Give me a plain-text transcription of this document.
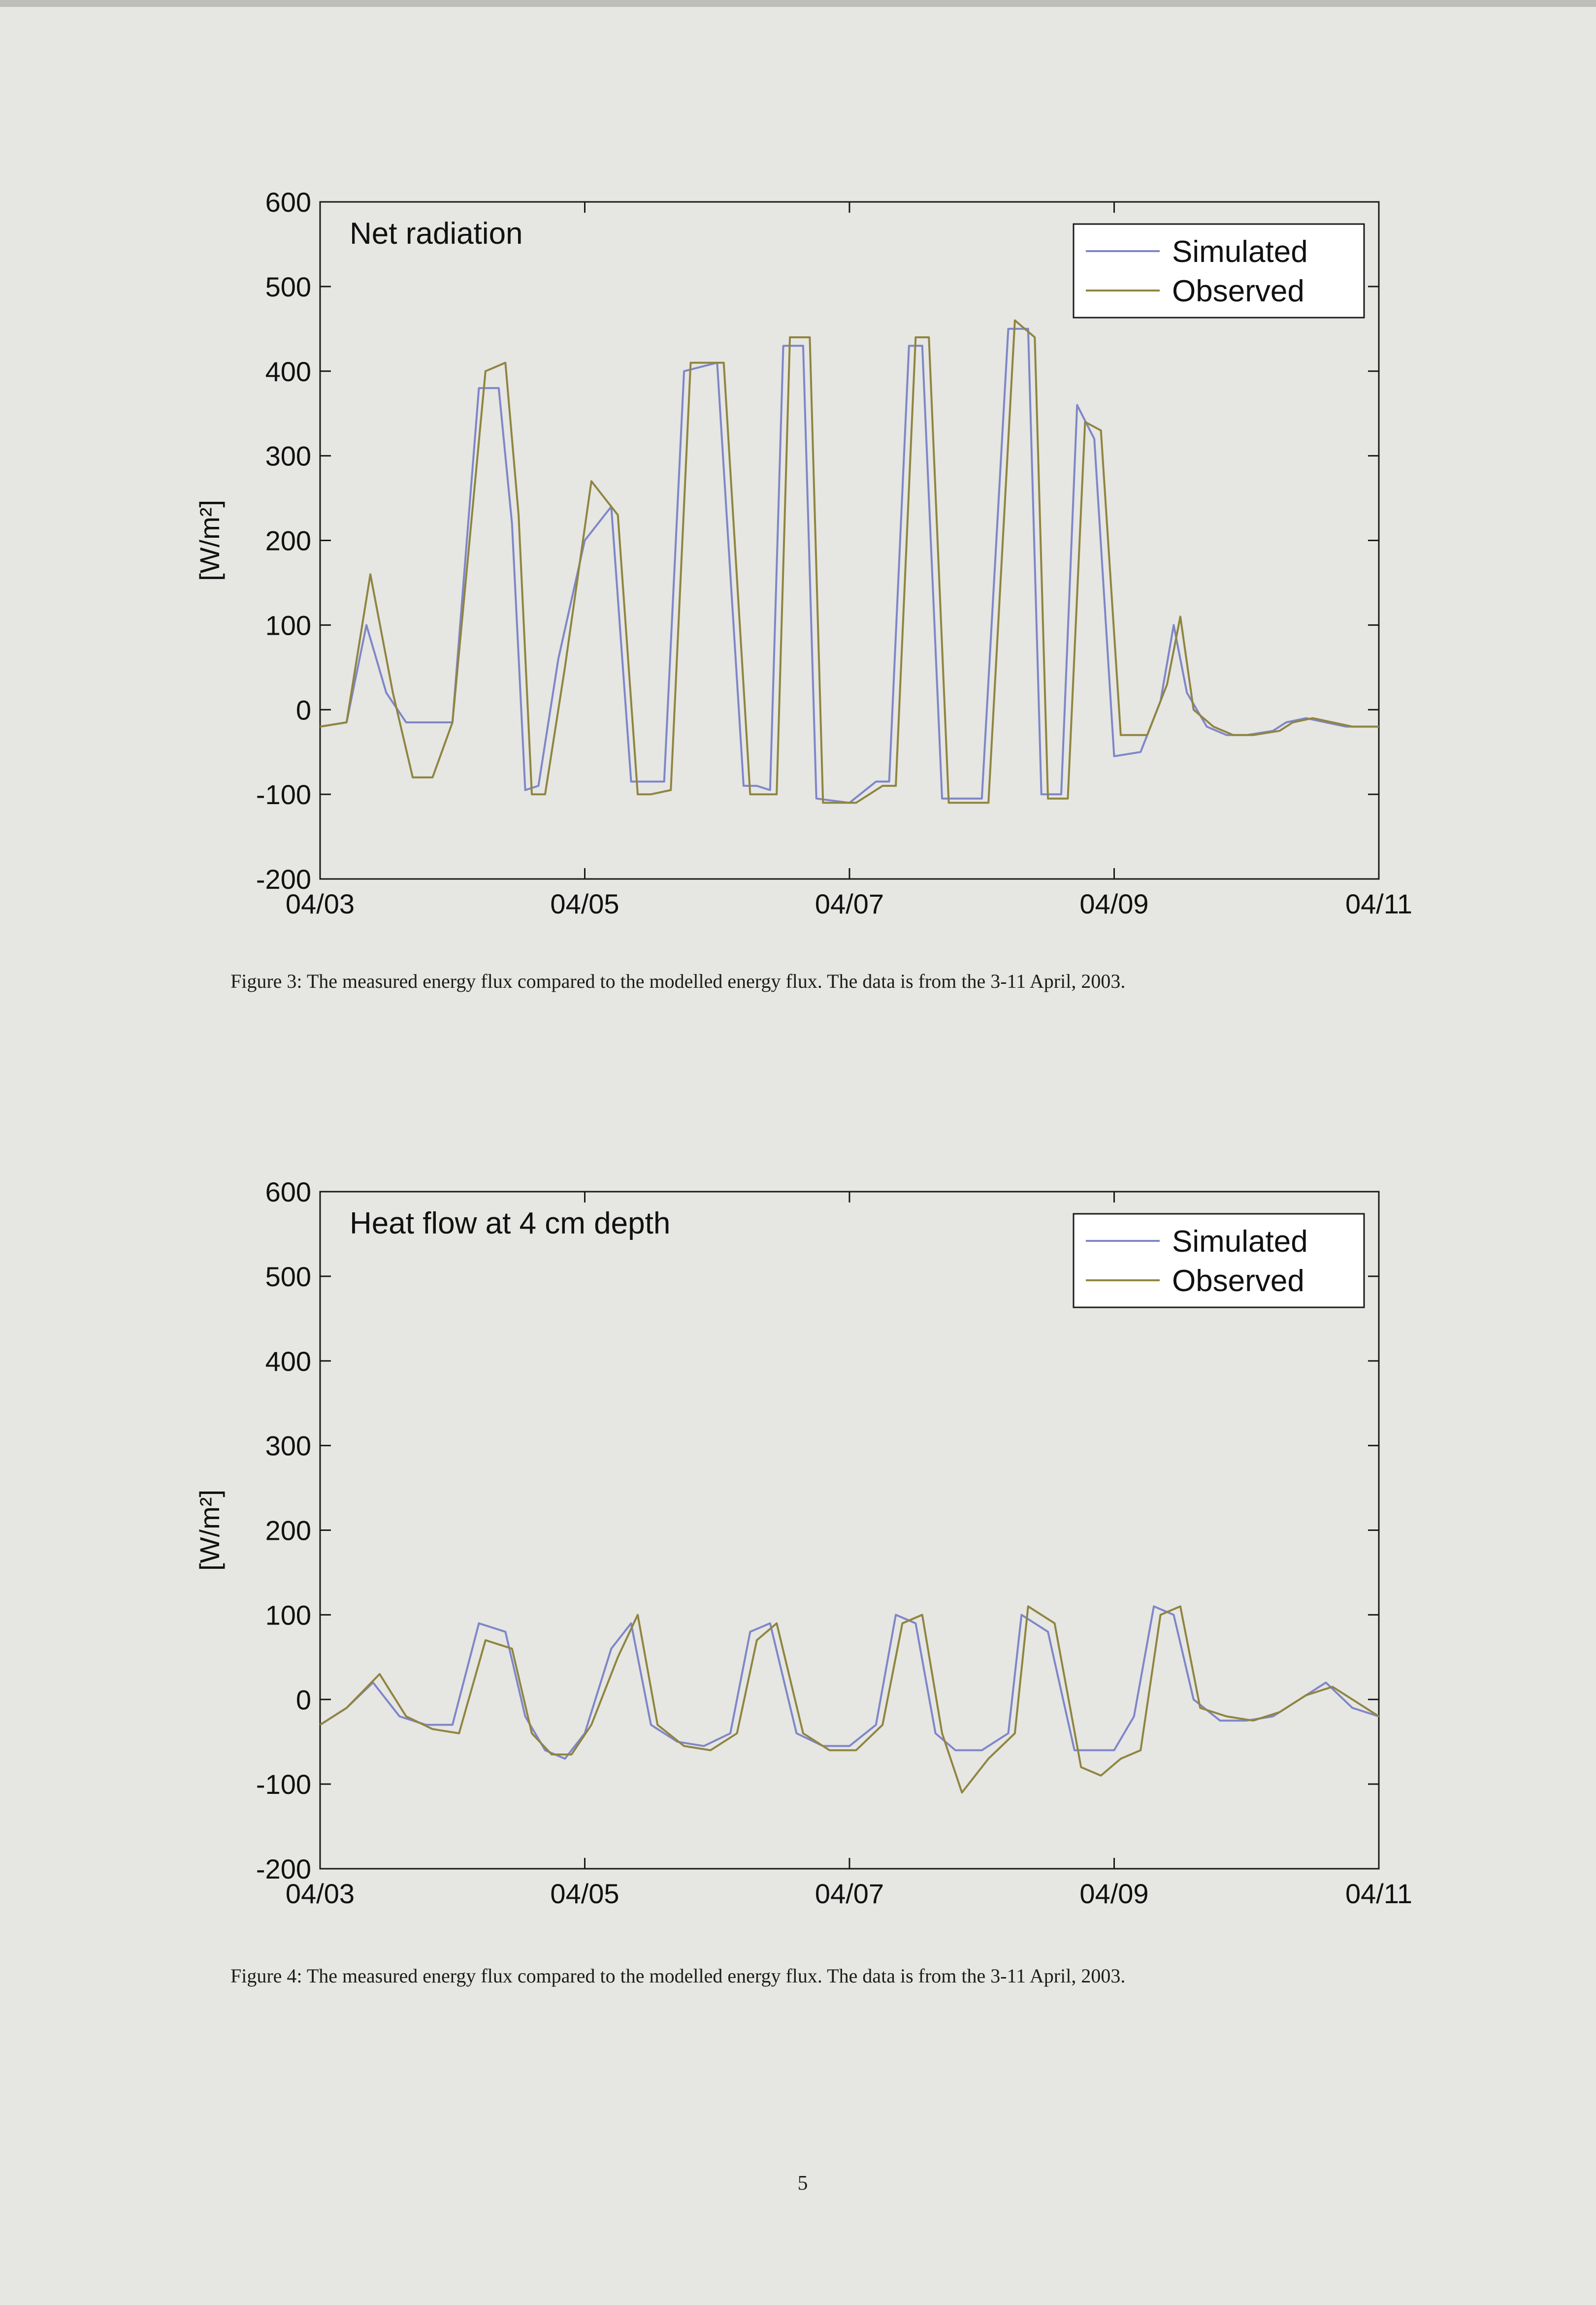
600
500
400
300
200
100
0
-100
-200
04/03	04/05	04/07	04/09	04/11
[W/m²]
Net radiation
Simulated
Observed
Figure 3: The measured energy flux compared to the modelled energy flux. The data is from the 3-11 April, 2003.
600
500
400
300
200
100
0
-100
-200
04/03	04/05	04/07	04/09	04/11
[W/m²]
Heat flow at 4 cm depth
Simulated
Observed
Figure 4: The measured energy flux compared to the modelled energy flux. The data is from the 3-11 April, 2003.
5
